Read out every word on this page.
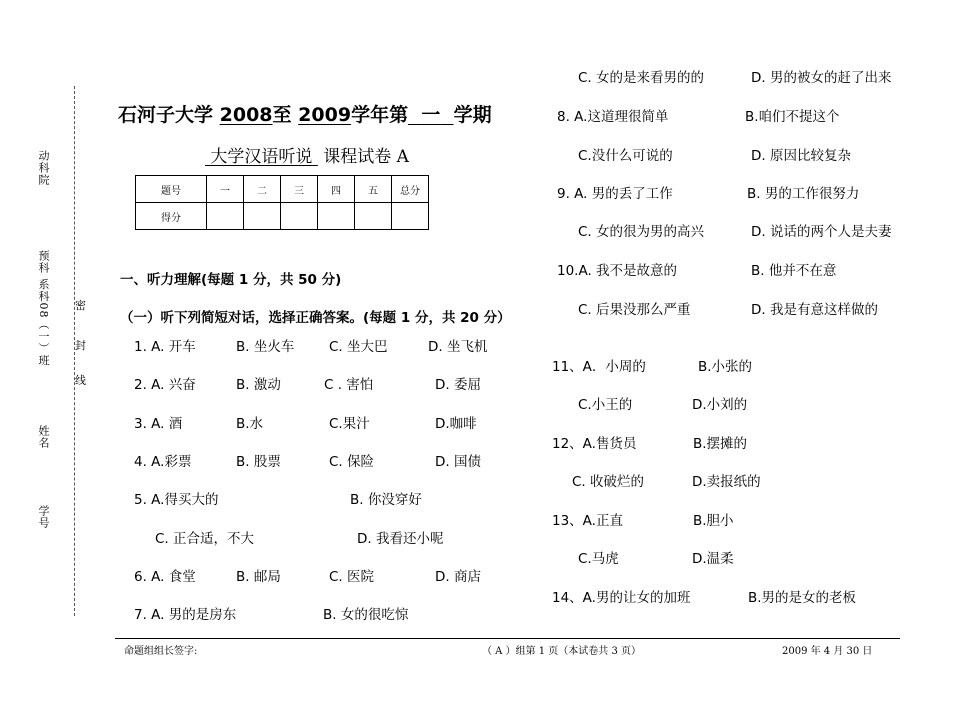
动科院
预科 系科08（一）班
姓名
学号
密
封
线
石河子大学 2008至 2009学年第 一 学期
大学汉语听说 课程试卷 A
题号	一	二	三	四	五	总分
得分						
一、听力理解(每题 1 分，共 50 分)
（一）听下列简短对话，选择正确答案。(每题 1 分，共 20 分）
1. A. 开车	B. 坐火车	C. 坐大巴	D. 坐飞机
2. A. 兴奋	B. 激动	C . 害怕	D. 委屈
3. A. 酒	B.水	C.果汁	D.咖啡
4. A.彩票	B. 股票	C. 保险	D. 国债
5. A.得买大的	B. 你没穿好
C. 正合适，不大	D. 我看还小呢
6. A. 食堂	B. 邮局	C. 医院	D. 商店
7. A. 男的是房东	B. 女的很吃惊
C. 女的是来看男的的	D. 男的被女的赶了出来
8. A.这道理很简单	B.咱们不提这个
C.没什么可说的	D. 原因比较复杂
9. A. 男的丢了工作	B. 男的工作很努力
C. 女的很为男的高兴	D. 说话的两个人是夫妻
10.A. 我不是故意的	B. 他并不在意
C. 后果没那么严重	D. 我是有意这样做的
11、A．小周的	B.小张的
C.小王的	D.小刘的
12、A.售货员	B.摆摊的
C. 收破烂的	D.卖报纸的
13、A.正直	B.胆小
C.马虎	D.温柔
14、A.男的让女的加班	B.男的是女的老板
命题组组长签字:	（ A ）组第 1 页（本试卷共 3 页）	2009 年 4 月 30 日
